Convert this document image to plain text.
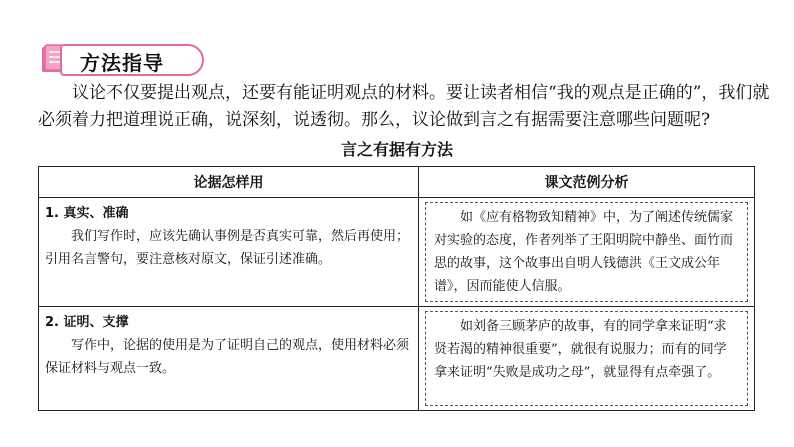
方法指导

议论不仅要提出观点，还要有能证明观点的材料。要让读者相信“我的观点是正确的”，我们就必须着力把道理说正确，说深刻，说透彻。那么，议论做到言之有据需要注意哪些问题呢?

言之有据有方法
论据怎样用	课文范例分析

1. 真实、准确
我们写作时，应该先确认事例是否真实可靠，然后再使用；引用名言警句，要注意核对原文，保证引述准确。	如《应有格物致知精神》中，为了阐述传统儒家对实验的态度，作者列举了王阳明院中静坐、面竹而思的故事，这个故事出自明人钱德洪《王文成公年谱》，因而能使人信服。

2. 证明、支撑
写作中，论据的使用是为了证明自己的观点，使用材料必须保证材料与观点一致。	如刘备三顾茅庐的故事，有的同学拿来证明“求贤若渴的精神很重要”，就很有说服力；而有的同学拿来证明“失败是成功之母”，就显得有点牵强了。
